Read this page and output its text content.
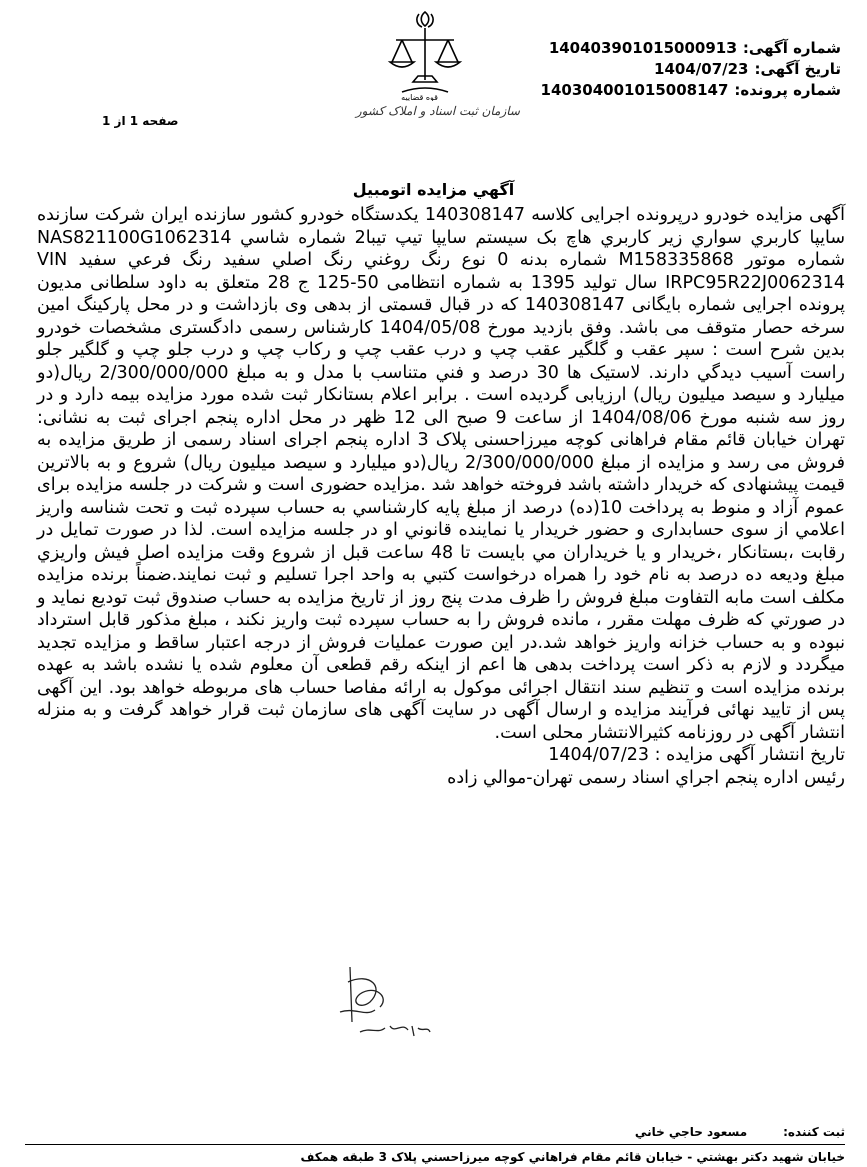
شماره آگهی:14040390101500091З
تاریخ آگهی:1404/07/23
شماره پرونده:140304001015008147
قوه قضاییه
سازمان ثبت اسناد و املاک کشور
صفحه 1 از 1
آگهي مزايده اتومبيل

آگهی مزایده خودرو درپرونده اجرایی کلاسه 140308147 یکدستگاه خودرو کشور سازنده ایران شرکت سازنده سايپا کاربري سواري زير کاربري هاچ بک سيستم سايپا تيپ تيبا2 شماره شاسي NAS821100G1062314 شماره موتور M158335868 شماره بدنه 0 نوع رنگ روغني رنگ اصلي سفيد رنگ فرعي سفيد VIN IRPC95R22J0062314 سال تولید 1395 به شماره انتظامی 50-125 ج 28 متعلق به داود سلطانی مدیون پرونده اجرایی شماره بایگانی 140308147 که در قبال قسمتی از بدهی وی بازداشت و در محل پارکینگ امین سرخه حصار متوقف می باشد. وفق بازدید مورخ 1404/05/08 کارشناس رسمی دادگستری مشخصات خودرو بدین شرح است : سپر عقب و گلگير عقب چپ و درب عقب چپ و رکاب چپ و درب جلو چپ و گلگير جلو راست آسيب ديدگي دارند. لاستيک ها 30 درصد و فني متناسب با مدل و به مبلغ 2/300/000/000 ریال(دو میلیارد و سیصد میلیون ریال) ارزيابی گرديده است . برابر اعلام بستانکار ثبت شده مورد مزايده بيمه دارد و در روز سه شنبه مورخ 1404/08/06 از ساعت 9 صبح الی 12 ظهر در محل اداره پنجم اجرای ثبت به نشانی: تهران خیابان قائم مقام فراهانی کوچه میرزاحسنی پلاک 3 اداره پنجم اجرای اسناد رسمی از طريق مزايده به فروش می رسد و مزايده از مبلغ 2/300/000/000 ریال(دو میلیارد و سیصد میلیون ریال) شروع و به بالاترين قيمت پيشنهادی که خريدار داشته باشد فروخته خواهد شد .مزایده حضوری است و شرکت در جلسه مزایده برای عموم آزاد و منوط به پرداخت 10(ده) درصد از مبلغ پايه کارشناسي به حساب سپرده ثبت و تحت شناسه واريز اعلامي از سوی حسابداری و حضور خريدار يا نماينده قانوني او در جلسه مزايده است. لذا در صورت تمايل در رقابت ،بستانکار ،خريدار و يا خريداران مي بايست تا 48 ساعت قبل از شروع وقت مزايده اصل فيش واريزي مبلغ وديعه ده درصد به نام خود را همراه درخواست کتبي به واحد اجرا تسليم و ثبت نمايند.ضمناً برنده مزايده مکلف است مابه التفاوت مبلغ فروش را ظرف مدت پنج روز از تاريخ مزايده به حساب صندوق ثبت توديع نمايد و در صورتي که ظرف مهلت مقرر ، مانده فروش را به حساب سپرده ثبت واريز نکند ، مبلغ مذکور قابل استرداد نبوده و به حساب خزانه واريز خواهد شد.در اين صورت عمليات فروش از درجه اعتبار ساقط و مزايده تجديد ميگردد و لازم به ذکر است پرداخت بدهی ها اعم از اینکه رقم قطعی آن معلوم شده يا نشده باشد به عهده برنده مزايده است و تنظيم سند انتقال اجرائی موکول به ارائه مفاصا حساب های مربوطه خواهد بود. اين آگهی پس از تاييد نهائی فرآيند مزايده و ارسال آگهی در سايت آگهی های سازمان ثبت قرار خواهد گرفت و به منزله انتشار آگهی در روزنامه کثيرالانتشار محلی است.

تاریخ انتشار آگهی مزایده : 1404/07/23

رئیس اداره پنجم اجراي اسناد رسمی تهران-موالي زاده

ثبت کننده:مسعود حاجي خاني
خيابان شهيد دکتر بهشتي - خيابان قائم مقام فراهاني کوچه ميرزاحسني پلاک 3 طبقه همکف
